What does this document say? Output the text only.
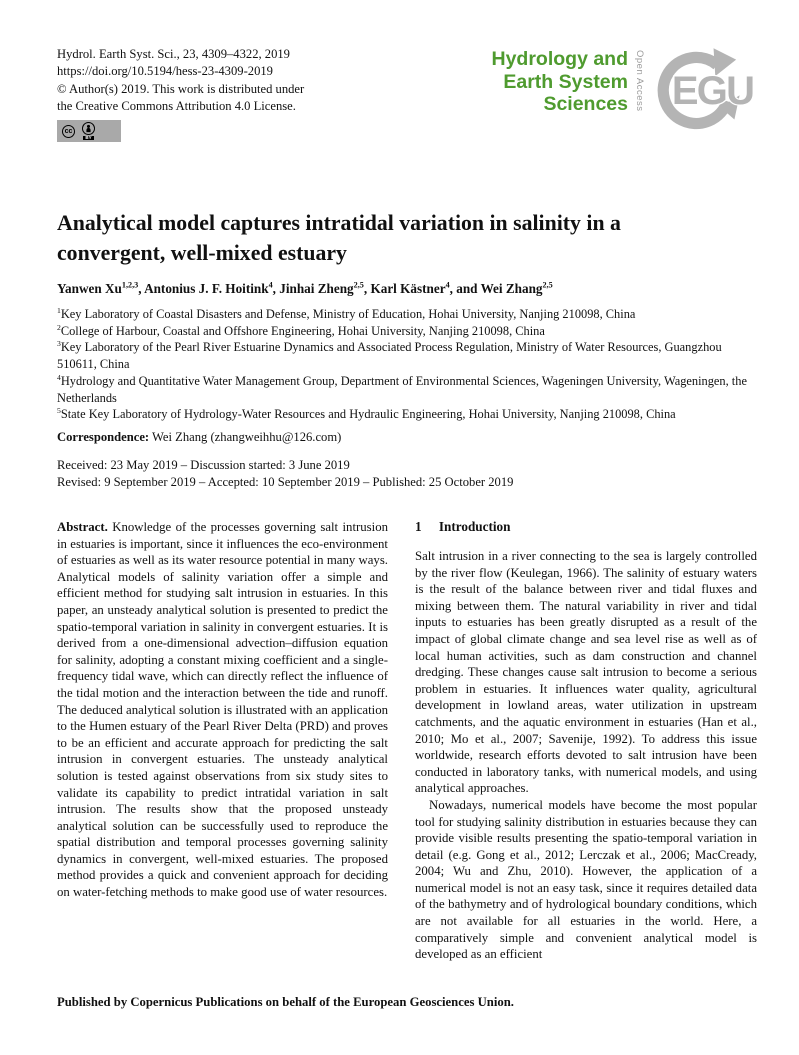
Hydrol. Earth Syst. Sci., 23, 4309–4322, 2019
https://doi.org/10.5194/hess-23-4309-2019
© Author(s) 2019. This work is distributed under
the Creative Commons Attribution 4.0 License.
cc
BY
Hydrology and
Earth System
Sciences Open Access EGU
Analytical model captures intratidal variation in salinity in a
convergent, well-mixed estuary
Yanwen Xu$^{1,2,3}$, Antonius J. F. Hoitink$^4$, Jinhai Zheng$^{2,5}$, Karl Kästner$^4$, and Wei Zhang$^{2,5}$
$^1$Key Laboratory of Coastal Disasters and Defense, Ministry of Education, Hohai University, Nanjing 210098, China
$^2$College of Harbour, Coastal and Offshore Engineering, Hohai University, Nanjing 210098, China
$^3$Key Laboratory of the Pearl River Estuarine Dynamics and Associated Process Regulation, Ministry of Water Resources, Guangzhou 510611, China
$^4$Hydrology and Quantitative Water Management Group, Department of Environmental Sciences, Wageningen University, Wageningen, the Netherlands
$^5$State Key Laboratory of Hydrology-Water Resources and Hydraulic Engineering, Hohai University, Nanjing 210098, China
Correspondence: Wei Zhang (zhangweihhu@126.com)
Received: 23 May 2019 – Discussion started: 3 June 2019
Revised: 9 September 2019 – Accepted: 10 September 2019 – Published: 25 October 2019

Abstract. Knowledge of the processes governing salt intrusion in estuaries is important, since it influences the eco-environment of estuaries as well as its water resource potential in many ways. Analytical models of salinity variation offer a simple and efficient method for studying salt intrusion in estuaries. In this paper, an unsteady analytical solution is presented to predict the spatio-temporal variation in salinity in convergent estuaries. It is derived from a one-dimensional advection–diffusion equation for salinity, adopting a constant mixing coefficient and a single-frequency tidal wave, which can directly reflect the influence of the tidal motion and the interaction between the tide and runoff. The deduced analytical solution is illustrated with an application to the Humen estuary of the Pearl River Delta (PRD) and proves to be an efficient and accurate approach for predicting the salt intrusion in convergent estuaries. The unsteady analytical solution is tested against observations from six study sites to validate its capability to predict intratidal variation in salt intrusion. The results show that the proposed unsteady analytical solution can be successfully used to reproduce the spatial distribution and temporal processes governing salinity dynamics in convergent, well-mixed estuaries. The proposed method provides a quick and convenient approach for deciding on water-fetching methods to make good use of water resources.

1 Introduction

Salt intrusion in a river connecting to the sea is largely controlled by the river flow (Keulegan, 1966). The salinity of estuary waters is the result of the balance between river and tidal fluxes and mixing between them. The natural variability in river and tidal inputs to estuaries has been greatly disrupted as a result of the impact of global climate change and sea level rise as well as of local human activities, such as dam construction and channel dredging. These changes cause salt intrusion to become a serious problem in estuaries. It influences water quality, agricultural development in lowland areas, water utilization in upstream catchments, and the aquatic environment in estuaries (Han et al., 2010; Mo et al., 2007; Savenije, 1992). To address this issue worldwide, research efforts devoted to salt intrusion have been conducted in laboratory tanks, with numerical models, and using analytical approaches.

Nowadays, numerical models have become the most popular tool for studying salinity distribution in estuaries because they can provide visible results presenting the spatio-temporal variation in detail (e.g. Gong et al., 2012; Lerczak et al., 2006; MacCready, 2004; Wu and Zhu, 2010). However, the application of a numerical model is not an easy task, since it requires detailed data of the bathymetry and of hydrological boundary conditions, which are not available for all estuaries in the world. Here, a comparatively simple and convenient analytical model is developed as an efficient

Published by Copernicus Publications on behalf of the European Geosciences Union.
